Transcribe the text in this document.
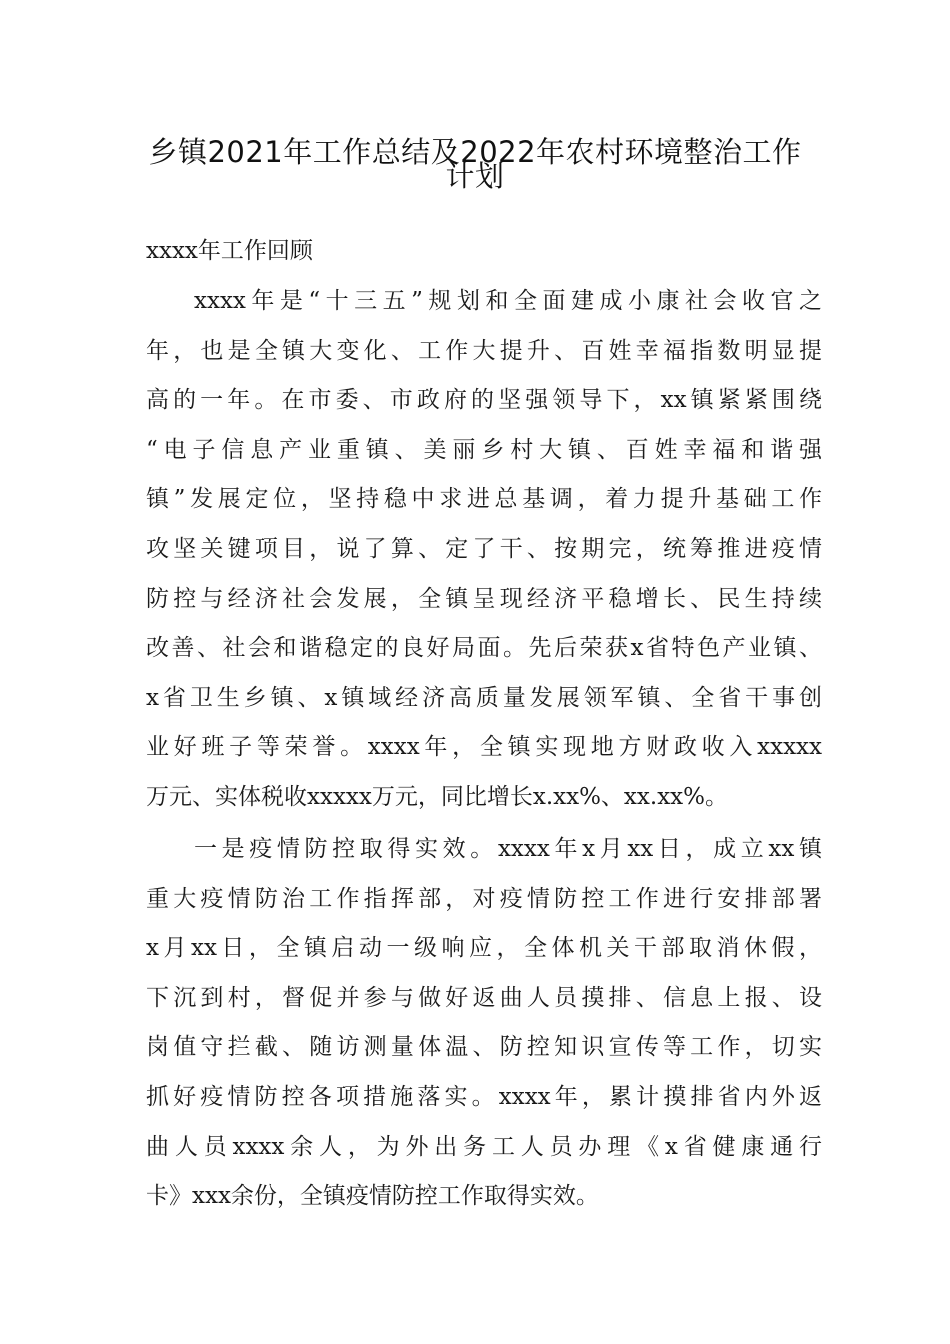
乡镇2021年工作总结及2022年农村环境整治工作
计划
xxxx年工作回顾
xxxx年是“十三五”规划和全面建成小康社会收官之
年，也是全镇大变化、工作大提升、百姓幸福指数明显提
高的一年。在市委、市政府的坚强领导下，xx镇紧紧围绕
“电子信息产业重镇、美丽乡村大镇、百姓幸福和谐强
镇”发展定位，坚持稳中求进总基调，着力提升基础工作
攻坚关键项目，说了算、定了干、按期完，统筹推进疫情
防控与经济社会发展，全镇呈现经济平稳增长、民生持续
改善、社会和谐稳定的良好局面。先后荣获x省特色产业镇、
x省卫生乡镇、x镇域经济高质量发展领军镇、全省干事创
业好班子等荣誉。xxxx年，全镇实现地方财政收入xxxxx
万元、实体税收xxxxx万元，同比增长x.xx%、xx.xx%。
一是疫情防控取得实效。xxxx年x月xx日，成立xx镇
重大疫情防治工作指挥部，对疫情防控工作进行安排部署
x月xx日，全镇启动一级响应，全体机关干部取消休假，
下沉到村，督促并参与做好返曲人员摸排、信息上报、设
岗值守拦截、随访测量体温、防控知识宣传等工作，切实
抓好疫情防控各项措施落实。xxxx年，累计摸排省内外返
曲人员xxxx余人，为外出务工人员办理《x省健康通行
卡》xxx余份，全镇疫情防控工作取得实效。
